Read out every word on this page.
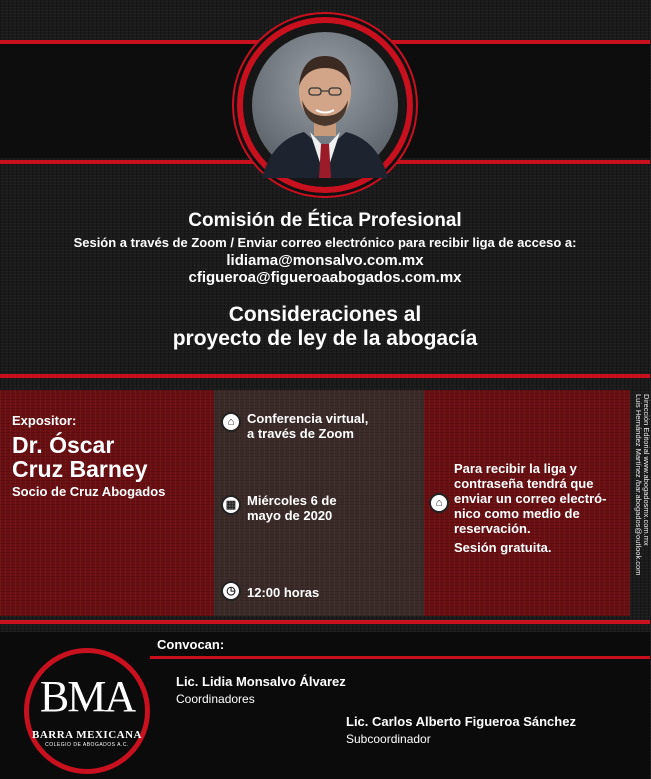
Comisión de Ética Profesional
Sesión a través de Zoom / Enviar correo electrónico para recibir liga de acceso a:
lidiama@monsalvo.com.mx
cfigueroa@figueroaabogados.com.mx
Consideraciones al
proyecto de ley de la abogacía
Expositor:
Dr. Óscar
Cruz Barney
Socio de Cruz Abogados
⌂ Conferencia virtual,
a través de Zoom
▦ Miércoles 6 de
mayo de 2020
◷ 12:00 horas
⌂
Para recibir la liga y
contraseña tendrá que
enviar un correo electró-
nico como medio de
reservación.
Sesión gratuita.
Dirección Editorial www.abogadosmx.com.mx
Luis Hernández Martínez /bar.abogados@outlook.com
Convocan:
BMA
BARRA MEXICANA
COLEGIO DE ABOGADOS A.C.
Lic. Lidia Monsalvo Álvarez
Coordinadores
Lic. Carlos Alberto Figueroa Sánchez
Subcoordinador
